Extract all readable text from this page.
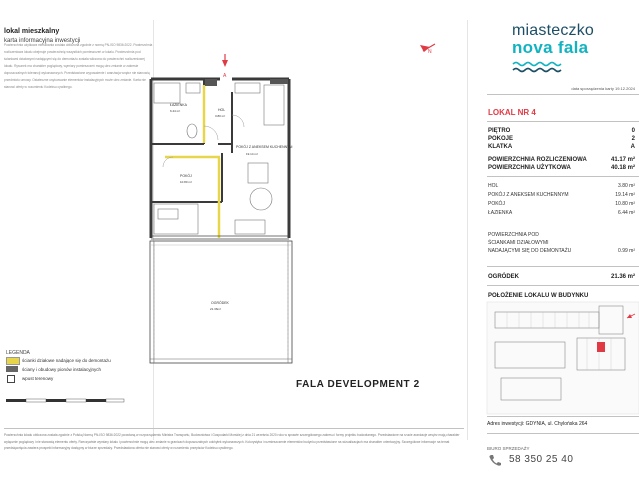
lokal mieszkalny
karta informacyjna inwestycji
Powierzchnia użytkowa mieszkania została obliczona zgodnie z normą PN-ISO 9836:2022. Powierzchnia rozliczeniowa lokalu obejmuje powierzchnię wszystkich pomieszczeń w lokalu. Powierzchnia pod ściankami działowymi nadającymi się do demontażu została wliczona do powierzchni rozliczeniowej lokalu. Rysunek ma charakter poglądowy, wymiary pomieszczeń mogą ulec zmianie w zakresie dopuszczalnych tolerancji wykonawczych. Przedstawione wyposażenie i aranżacja wnętrz nie stanowią przedmiotu umowy. Ostateczne usytuowanie elementów instalacyjnych może ulec zmianie. Karta nie stanowi oferty w rozumieniu Kodeksu cywilnego.
N
A
ŁAZIENKA
6.44 m²	HOL
3.80 m²
POKÓJ Z ANEKSEM KUCHENNYM
19.14 m²
POKÓJ
10.80 m²
OGRÓDEK
21.36m²
LEGENDA
ścianki działowe nadające się do demontażu
ściany i obudowy pionów instalacyjnych
wpust terenowy
FALA DEVELOPMENT 2
Powierzchnia lokalu obliczona została zgodnie z Polską Normą PN-ISO 9836:2022 powołaną w rozporządzeniu Ministra Transportu, Budownictwa i Gospodarki Morskiej z dnia 21 września 2020 roku w sprawie szczegółowego zakresu i formy projektu budowlanego. Przedstawione na rzucie aranżacje wnętrz mają charakter wyłącznie poglądowy i nie stanowią elementu oferty. Rzeczywiste wymiary lokalu i powierzchnie mogą ulec zmianie w granicach dopuszczalnych odchyłek wykonawczych. Kolorystyka i rozmieszczenie elementów budynku przedstawione na wizualizacjach ma charakter orientacyjny. Szczegółowe informacje na temat przedsięwzięcia zawiera prospekt informacyjny dostępny w biurze sprzedaży. Przedstawiona oferta nie stanowi oferty w rozumieniu przepisów Kodeksu cywilnego.
miasteczko
nova fala
data sporządzenia karty 19.12.2024
LOKAL NR 4
PIĘTRO	0
POKOJE	2
KLATKA	A
POWIERZCHNIA ROZLICZENIOWA	41.17 m²
POWIERZCHNIA UŻYTKOWA	40.18 m²
HOL	3.80 m²
POKÓJ Z ANEKSEM KUCHENNYM	19.14 m²
POKÓJ	10.80 m²
ŁAZIENKA	6.44 m²
POWIERZCHNIA POD
ŚCIANKAMI DZIAŁOWYMI
NADAJĄCYMI SIĘ DO DEMONTAŻU	0.99 m²
OGRÓDEK	21.36 m²
POŁOŻENIE LOKALU W BUDYNKU
Adres inwestycji: GDYNIA, ul. Chylońska 264
BIURO SPRZEDAŻY
58 350 25 40
